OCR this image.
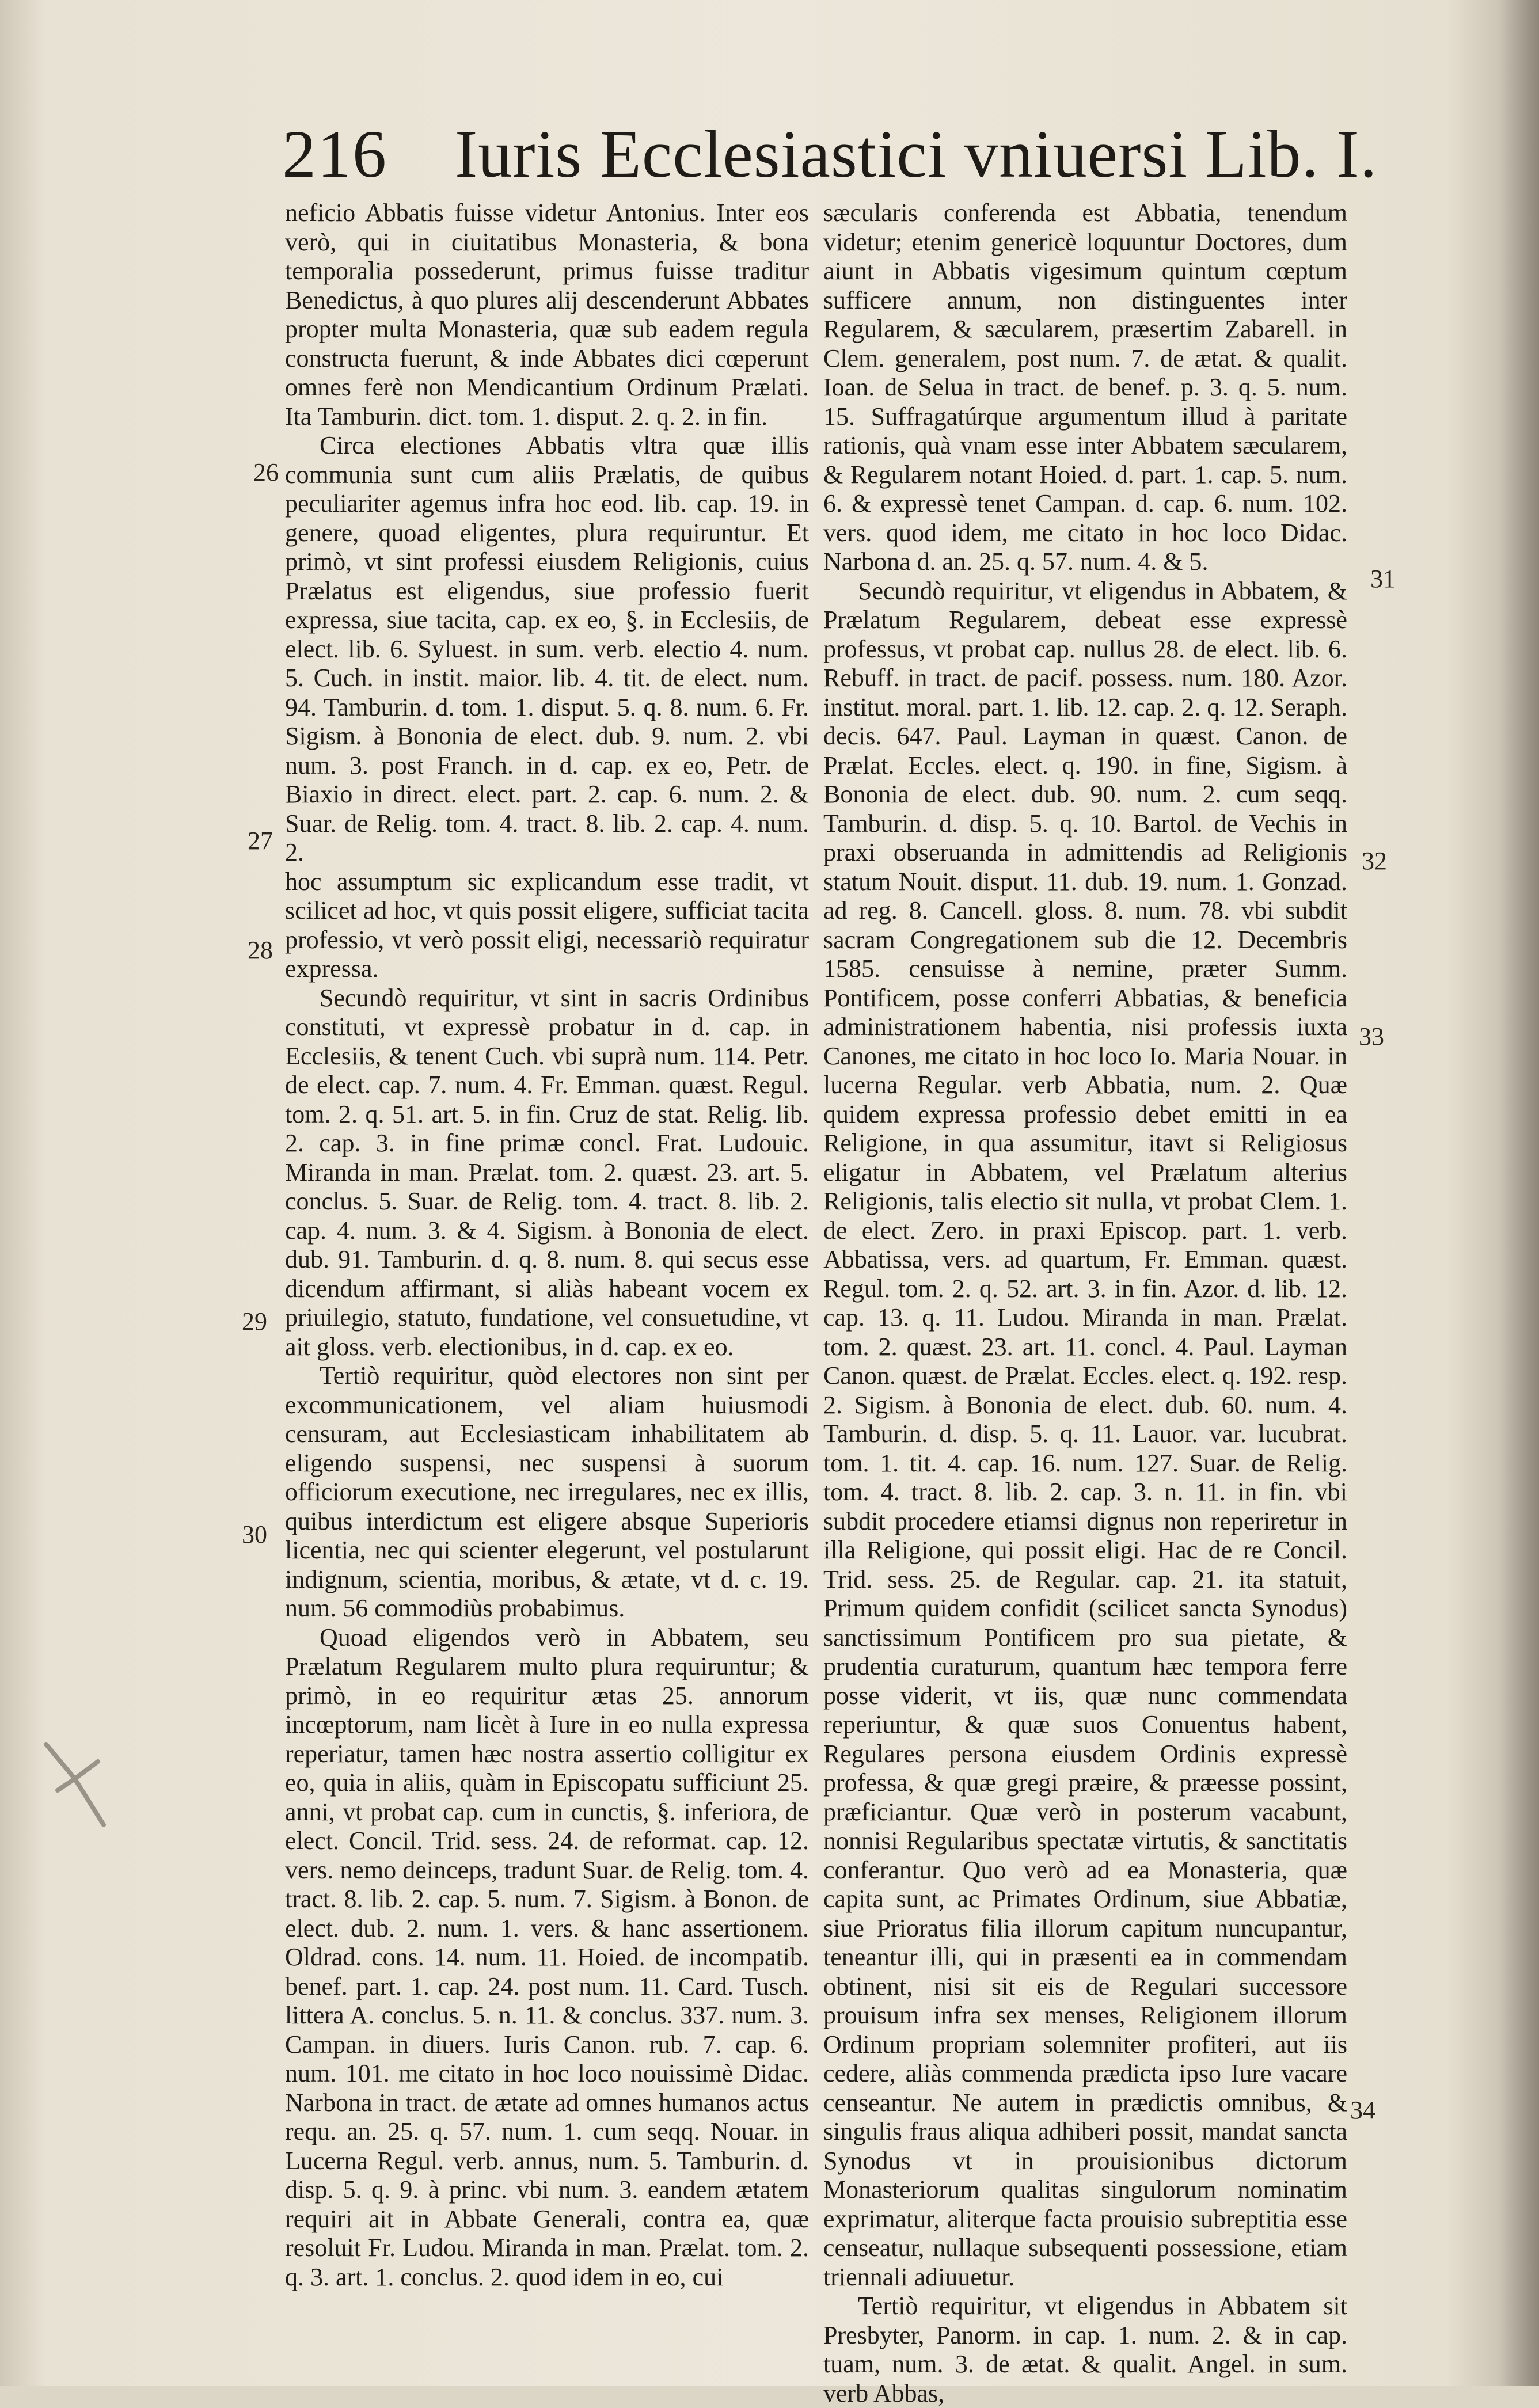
216 Iuris Ecclesiastici vniuersi Lib. I.

neficio Abbatis fuisse videtur Antonius. Inter eos verò, qui in ciuitatibus Monasteria, & bona temporalia possederunt, primus fuisse traditur Benedictus, à quo plures alij descenderunt Abbates propter multa Monasteria, quæ sub eadem regula constructa fuerunt, & inde Abbates dici cœperunt omnes ferè non Mendicantium Ordinum Prælati. Ita Tamburin. dict. tom. 1. disput. 2. q. 2. in fin.

Circa electiones Abbatis vltra quæ illis communia sunt cum aliis Prælatis, de quibus peculiariter agemus infra hoc eod. lib. cap. 19. in genere, quoad eligentes, plura requiruntur. Et primò, vt sint professi eiusdem Religionis, cuius Prælatus est eligendus, siue professio fuerit expressa, siue tacita, cap. ex eo, §. in Ecclesiis, de elect. lib. 6. Syluest. in sum. verb. electio 4. num. 5. Cuch. in instit. maior. lib. 4. tit. de elect. num. 94. Tamburin. d. tom. 1. disput. 5. q. 8. num. 6. Fr. Sigism. à Bononia de elect. dub. 9. num. 2. vbi num. 3. post Franch. in d. cap. ex eo, Petr. de Biaxio in direct. elect. part. 2. cap. 6. num. 2. & Suar. de Relig. tom. 4. tract. 8. lib. 2. cap. 4. num. 2.

hoc assumptum sic explicandum esse tradit, vt scilicet ad hoc, vt quis possit eligere, sufficiat tacita professio, vt verò possit eligi, necessariò requiratur expressa.

Secundò requiritur, vt sint in sacris Ordinibus constituti, vt expressè probatur in d. cap. in Ecclesiis, & tenent Cuch. vbi suprà num. 114. Petr. de elect. cap. 7. num. 4. Fr. Emman. quæst. Regul. tom. 2. q. 51. art. 5. in fin. Cruz de stat. Relig. lib. 2. cap. 3. in fine primæ concl. Frat. Ludouic. Miranda in man. Prælat. tom. 2. quæst. 23. art. 5. conclus. 5. Suar. de Relig. tom. 4. tract. 8. lib. 2. cap. 4. num. 3. & 4. Sigism. à Bononia de elect. dub. 91. Tamburin. d. q. 8. num. 8. qui secus esse dicendum affirmant, si aliàs habeant vocem ex priuilegio, statuto, fundatione, vel consuetudine, vt ait gloss. verb. electionibus, in d. cap. ex eo.

Tertiò requiritur, quòd electores non sint per excommunicationem, vel aliam huiusmodi censuram, aut Ecclesiasticam inhabilitatem ab eligendo suspensi, nec suspensi à suorum officiorum executione, nec irregulares, nec ex illis, quibus interdictum est eligere absque Superioris licentia, nec qui scienter elegerunt, vel postularunt indignum, scientia, moribus, & ætate, vt d. c. 19. num. 56 commodiùs probabimus.

Quoad eligendos verò in Abbatem, seu Prælatum Regularem multo plura requiruntur; & primò, in eo requiritur ætas 25. annorum incœptorum, nam licèt à Iure in eo nulla expressa reperiatur, tamen hæc nostra assertio colligitur ex eo, quia in aliis, quàm in Episcopatu sufficiunt 25. anni, vt probat cap. cum in cunctis, §. inferiora, de elect. Concil. Trid. sess. 24. de reformat. cap. 12. vers. nemo deinceps, tradunt Suar. de Relig. tom. 4. tract. 8. lib. 2. cap. 5. num. 7. Sigism. à Bonon. de elect. dub. 2. num. 1. vers. & hanc assertionem. Oldrad. cons. 14. num. 11. Hoied. de incompatib. benef. part. 1. cap. 24. post num. 11. Card. Tusch. littera A. conclus. 5. n. 11. & conclus. 337. num. 3. Campan. in diuers. Iuris Canon. rub. 7. cap. 6. num. 101. me citato in hoc loco nouissimè Didac. Narbona in tract. de ætate ad omnes humanos actus requ. an. 25. q. 57. num. 1. cum seqq. Nouar. in Lucerna Regul. verb. annus, num. 5. Tamburin. d. disp. 5. q. 9. à princ. vbi num. 3. eandem ætatem requiri ait in Abbate Generali, contra ea, quæ resoluit Fr. Ludou. Miranda in man. Prælat. tom. 2. q. 3. art. 1. conclus. 2. quod idem in eo, cui

sæcularis conferenda est Abbatia, tenendum videtur; etenim genericè loquuntur Doctores, dum aiunt in Abbatis vigesimum quintum cœptum sufficere annum, non distinguentes inter Regularem, & sæcularem, præsertim Zabarell. in Clem. generalem, post num. 7. de ætat. & qualit. Ioan. de Selua in tract. de benef. p. 3. q. 5. num. 15. Suffragatúrque argumentum illud à paritate rationis, quà vnam esse inter Abbatem sæcularem, & Regularem notant Hoied. d. part. 1. cap. 5. num. 6. & expressè tenet Campan. d. cap. 6. num. 102. vers. quod idem, me citato in hoc loco Didac. Narbona d. an. 25. q. 57. num. 4. & 5.

Secundò requiritur, vt eligendus in Abbatem, & Prælatum Regularem, debeat esse expressè professus, vt probat cap. nullus 28. de elect. lib. 6. Rebuff. in tract. de pacif. possess. num. 180. Azor. institut. moral. part. 1. lib. 12. cap. 2. q. 12. Seraph. decis. 647. Paul. Layman in quæst. Canon. de Prælat. Eccles. elect. q. 190. in fine, Sigism. à Bononia de elect. dub. 90. num. 2. cum seqq. Tamburin. d. disp. 5. q. 10. Bartol. de Vechis in praxi obseruanda in admittendis ad Religionis statum Nouit. disput. 11. dub. 19. num. 1. Gonzad. ad reg. 8. Cancell. gloss. 8. num. 78. vbi subdit sacram Congregationem sub die 12. Decembris 1585. censuisse à nemine, præter Summ. Pontificem, posse conferri Abbatias, & beneficia administrationem habentia, nisi professis iuxta Canones, me citato in hoc loco Io. Maria Nouar. in lucerna Regular. verb Abbatia, num. 2. Quæ quidem expressa professio debet emitti in ea Religione, in qua assumitur, itavt si Religiosus eligatur in Abbatem, vel Prælatum alterius Religionis, talis electio sit nulla, vt probat Clem. 1. de elect. Zero. in praxi Episcop. part. 1. verb. Abbatissa, vers. ad quartum, Fr. Emman. quæst. Regul. tom. 2. q. 52. art. 3. in fin. Azor. d. lib. 12. cap. 13. q. 11. Ludou. Miranda in man. Prælat. tom. 2. quæst. 23. art. 11. concl. 4. Paul. Layman Canon. quæst. de Prælat. Eccles. elect. q. 192. resp. 2. Sigism. à Bononia de elect. dub. 60. num. 4. Tamburin. d. disp. 5. q. 11. Lauor. var. lucubrat. tom. 1. tit. 4. cap. 16. num. 127. Suar. de Relig. tom. 4. tract. 8. lib. 2. cap. 3. n. 11. in fin. vbi subdit procedere etiamsi dignus non reperiretur in illa Religione, qui possit eligi. Hac de re Concil. Trid. sess. 25. de Regular. cap. 21. ita statuit, Primum quidem confidit (scilicet sancta Synodus) sanctissimum Pontificem pro sua pietate, & prudentia curaturum, quantum hæc tempora ferre posse viderit, vt iis, quæ nunc commendata reperiuntur, & quæ suos Conuentus habent, Regulares persona eiusdem Ordinis expressè professa, & quæ gregi præire, & præesse possint, præficiantur. Quæ verò in posterum vacabunt, nonnisi Regularibus spectatæ virtutis, & sanctitatis conferantur. Quo verò ad ea Monasteria, quæ capita sunt, ac Primates Ordinum, siue Abbatiæ, siue Prioratus filia illorum capitum nuncupantur, teneantur illi, qui in præsenti ea in commendam obtinent, nisi sit eis de Regulari successore prouisum infra sex menses, Religionem illorum Ordinum propriam solemniter profiteri, aut iis cedere, aliàs commenda prædicta ipso Iure vacare censeantur. Ne autem in prædictis omnibus, & singulis fraus aliqua adhiberi possit, mandat sancta Synodus vt in prouisionibus dictorum Monasteriorum qualitas singulorum nominatim exprimatur, aliterque facta prouisio subreptitia esse censeatur, nullaque subsequenti possessione, etiam triennali adiuuetur.

Tertiò requiritur, vt eligendus in Abbatem sit Presbyter, Panorm. in cap. 1. num. 2. & in cap. tuam, num. 3. de ætat. & qualit. Angel. in sum. verb Abbas,

26
27
28
29
30
31
32
33
34
